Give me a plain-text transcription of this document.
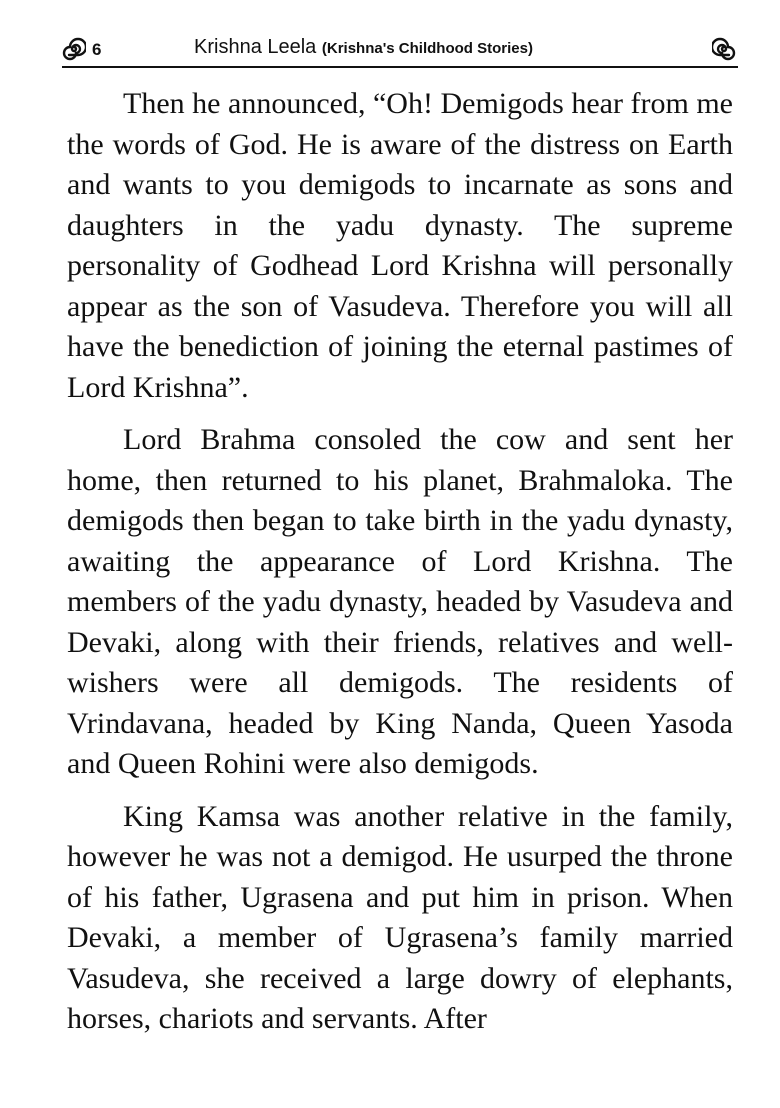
6	Krishna Leela (Krishna's Childhood Stories)

Then he announced, “Oh! Demigods hear from me the words of God. He is aware of the distress on Earth and wants to you demigods to incarnate as sons and daughters in the yadu dynasty. The supreme personality of Godhead Lord Krishna will personally appear as the son of Vasudeva. Therefore you will all have the benediction of joining the eternal pastimes of Lord Krishna”.

Lord Brahma consoled the cow and sent her home, then returned to his planet, Brahmaloka. The demigods then began to take birth in the yadu dynasty, awaiting the appearance of Lord Krishna. The members of the yadu dynasty, headed by Vasudeva and Devaki, along with their friends, relatives and well-wishers were all demigods. The residents of Vrindavana, headed by King Nanda, Queen Yasoda and Queen Rohini were also demigods.

King Kamsa was another relative in the family, however he was not a demigod. He usurped the throne of his father, Ugrasena and put him in prison. When Devaki, a member of Ugrasena’s family married Vasudeva, she received a large dowry of elephants, horses, chariots and servants. After
